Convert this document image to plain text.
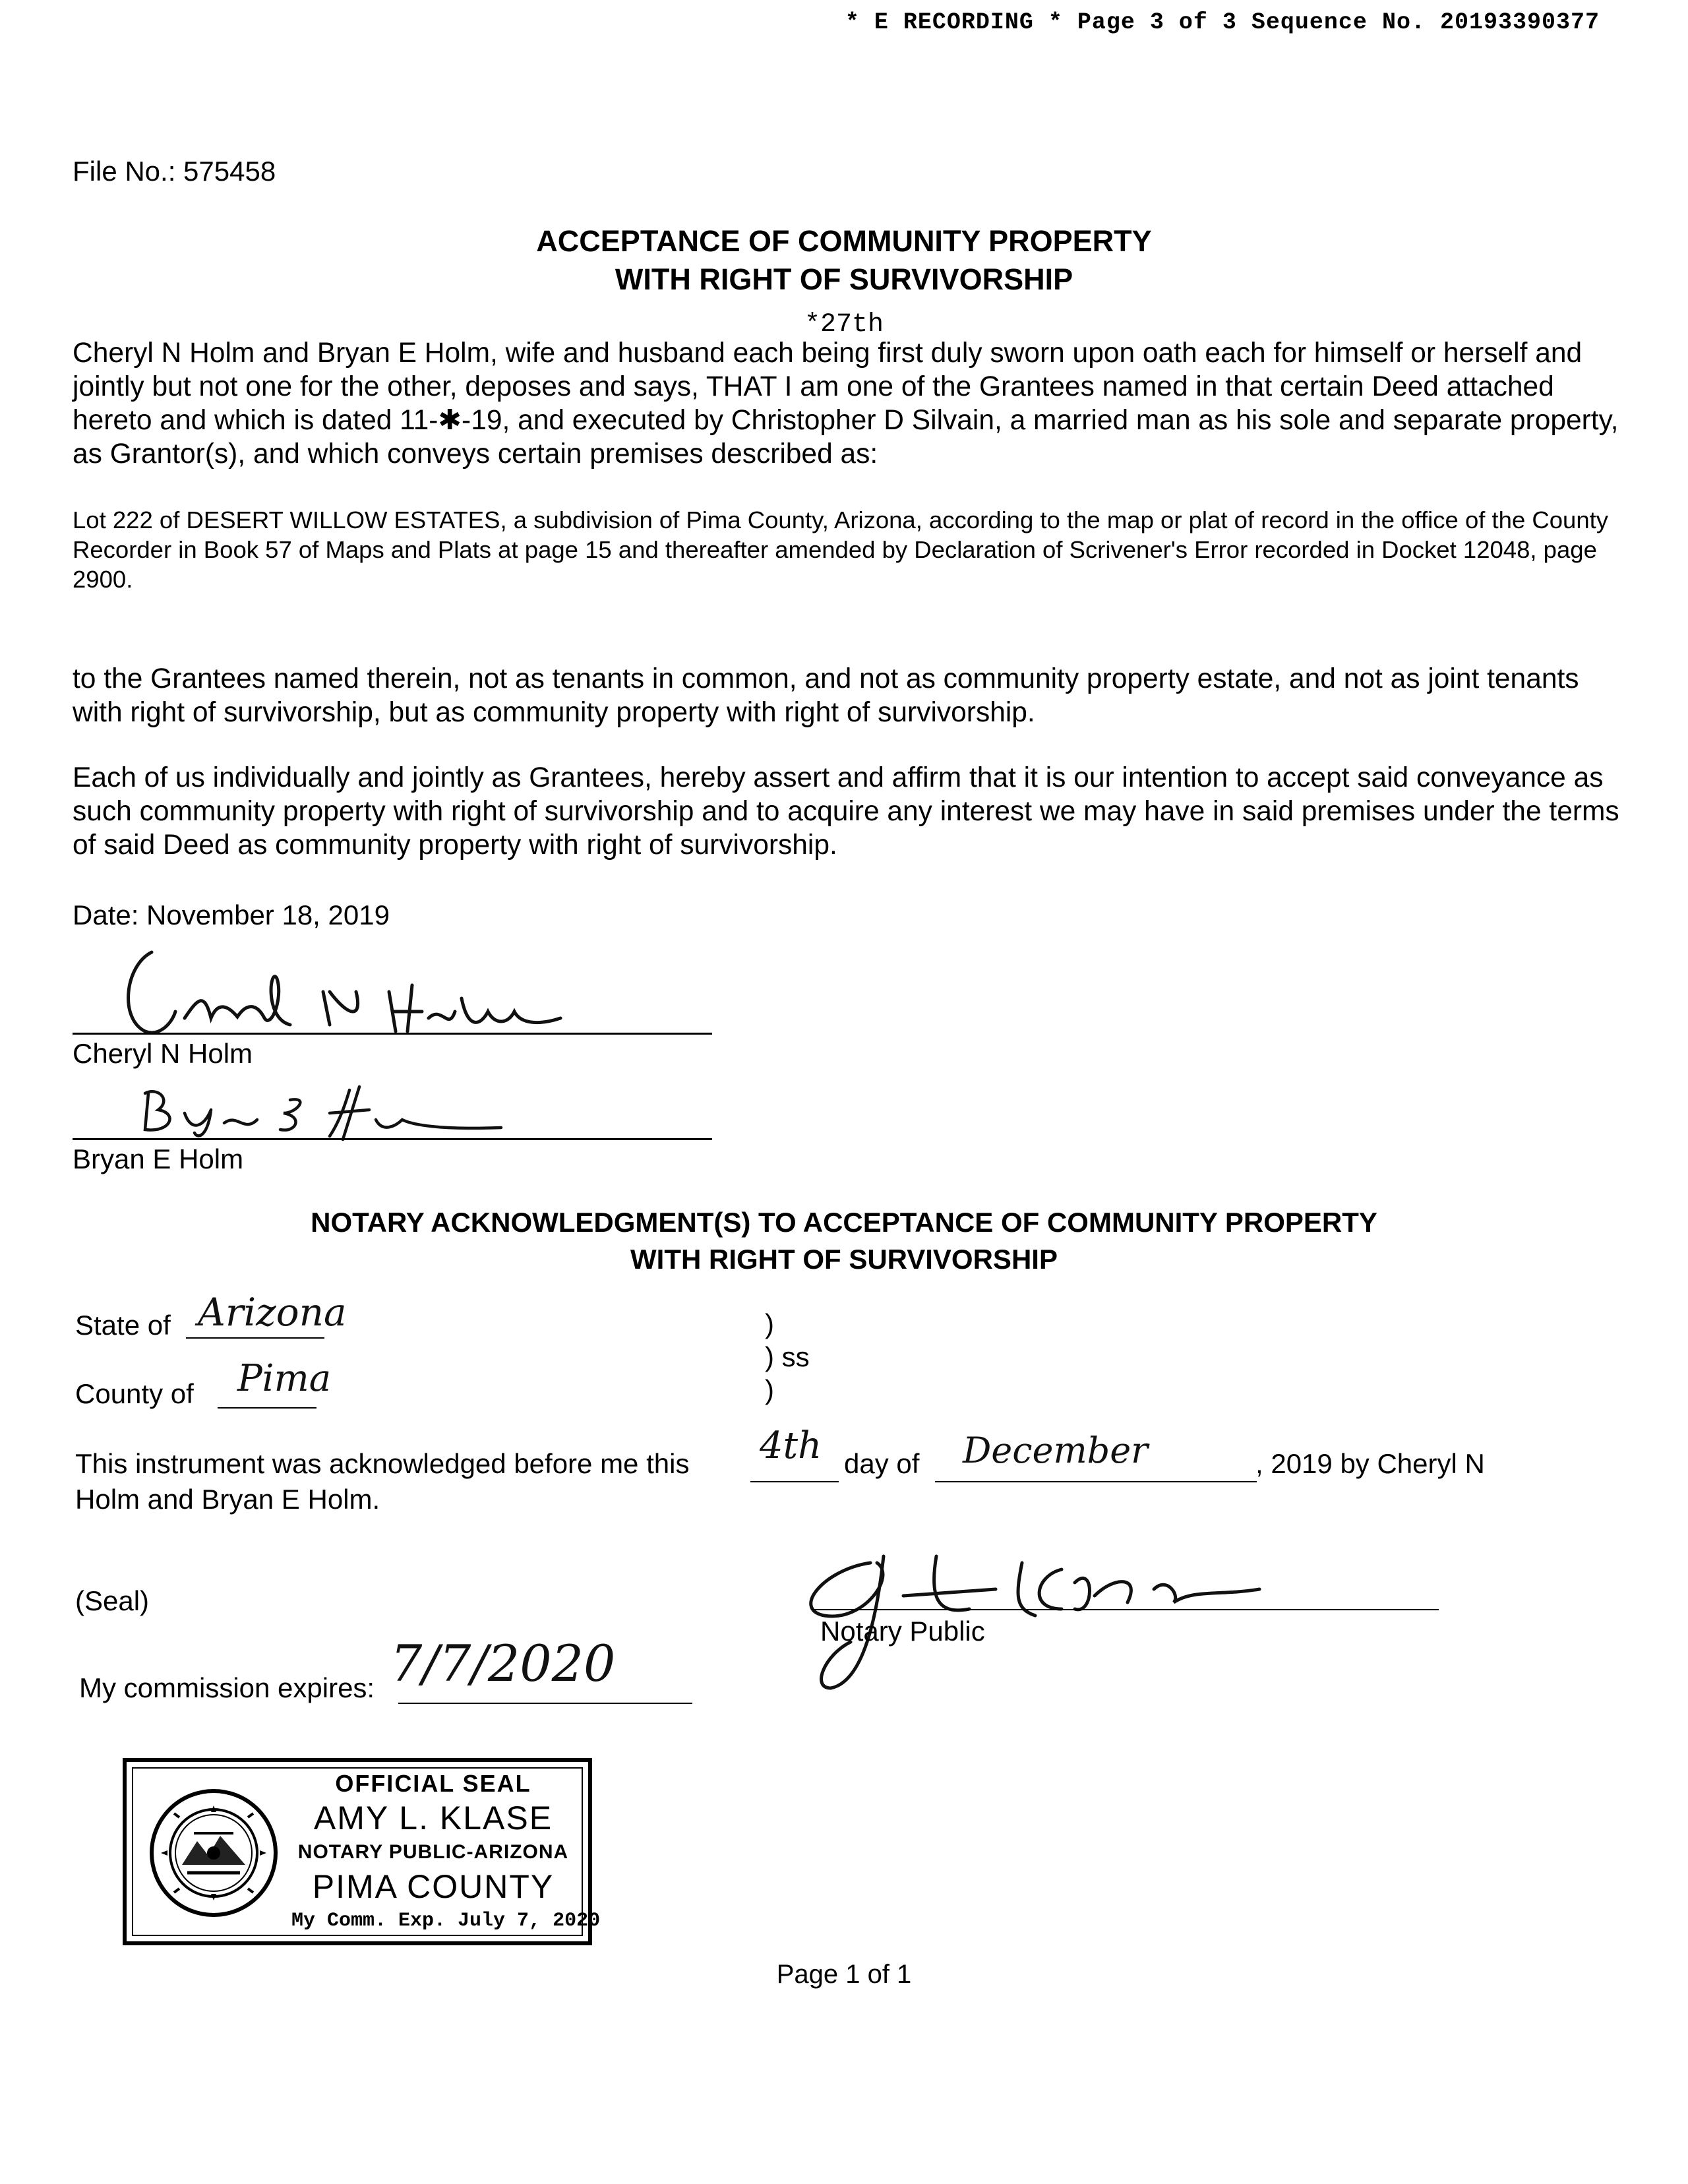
* E RECORDING * Page 3 of 3 Sequence No. 20193390377
File No.: 575458
ACCEPTANCE OF COMMUNITY PROPERTY
WITH RIGHT OF SURVIVORSHIP
*27th
Cheryl N Holm and Bryan E Holm, wife and husband each being first duly sworn upon oath each for himself or herself and jointly but not one for the other, deposes and says, THAT I am one of the Grantees named in that certain Deed attached hereto and which is dated 11-✱-19, and executed by Christopher D Silvain, a married man as his sole and separate property, as Grantor(s), and which conveys certain premises described as:
Lot 222 of DESERT WILLOW ESTATES, a subdivision of Pima County, Arizona, according to the map or plat of record in the office of the County Recorder in Book 57 of Maps and Plats at page 15 and thereafter amended by Declaration of Scrivener's Error recorded in Docket 12048, page 2900.
to the Grantees named therein, not as tenants in common, and not as community property estate, and not as joint tenants with right of survivorship, but as community property with right of survivorship.
Each of us individually and jointly as Grantees, hereby assert and affirm that it is our intention to accept said conveyance as such community property with right of survivorship and to acquire any interest we may have in said premises under the terms of said Deed as community property with right of survivorship.
Date: November 18, 2019
Cheryl N Holm
Bryan E Holm
NOTARY ACKNOWLEDGMENT(S) TO ACCEPTANCE OF COMMUNITY PROPERTY
WITH RIGHT OF SURVIVORSHIP
State of Arizona
County of Pima
)
) ss
)
This instrument was acknowledged before me this 4th day of December	, 2019 by Cheryl N
Holm and Bryan E Holm.
(Seal)
Notary Public
My commission expires: 7/7/2020
OFFICIAL SEAL
AMY L. KLASE
NOTARY PUBLIC-ARIZONA
PIMA COUNTY
My Comm. Exp. July 7, 2020
Page 1 of 1
